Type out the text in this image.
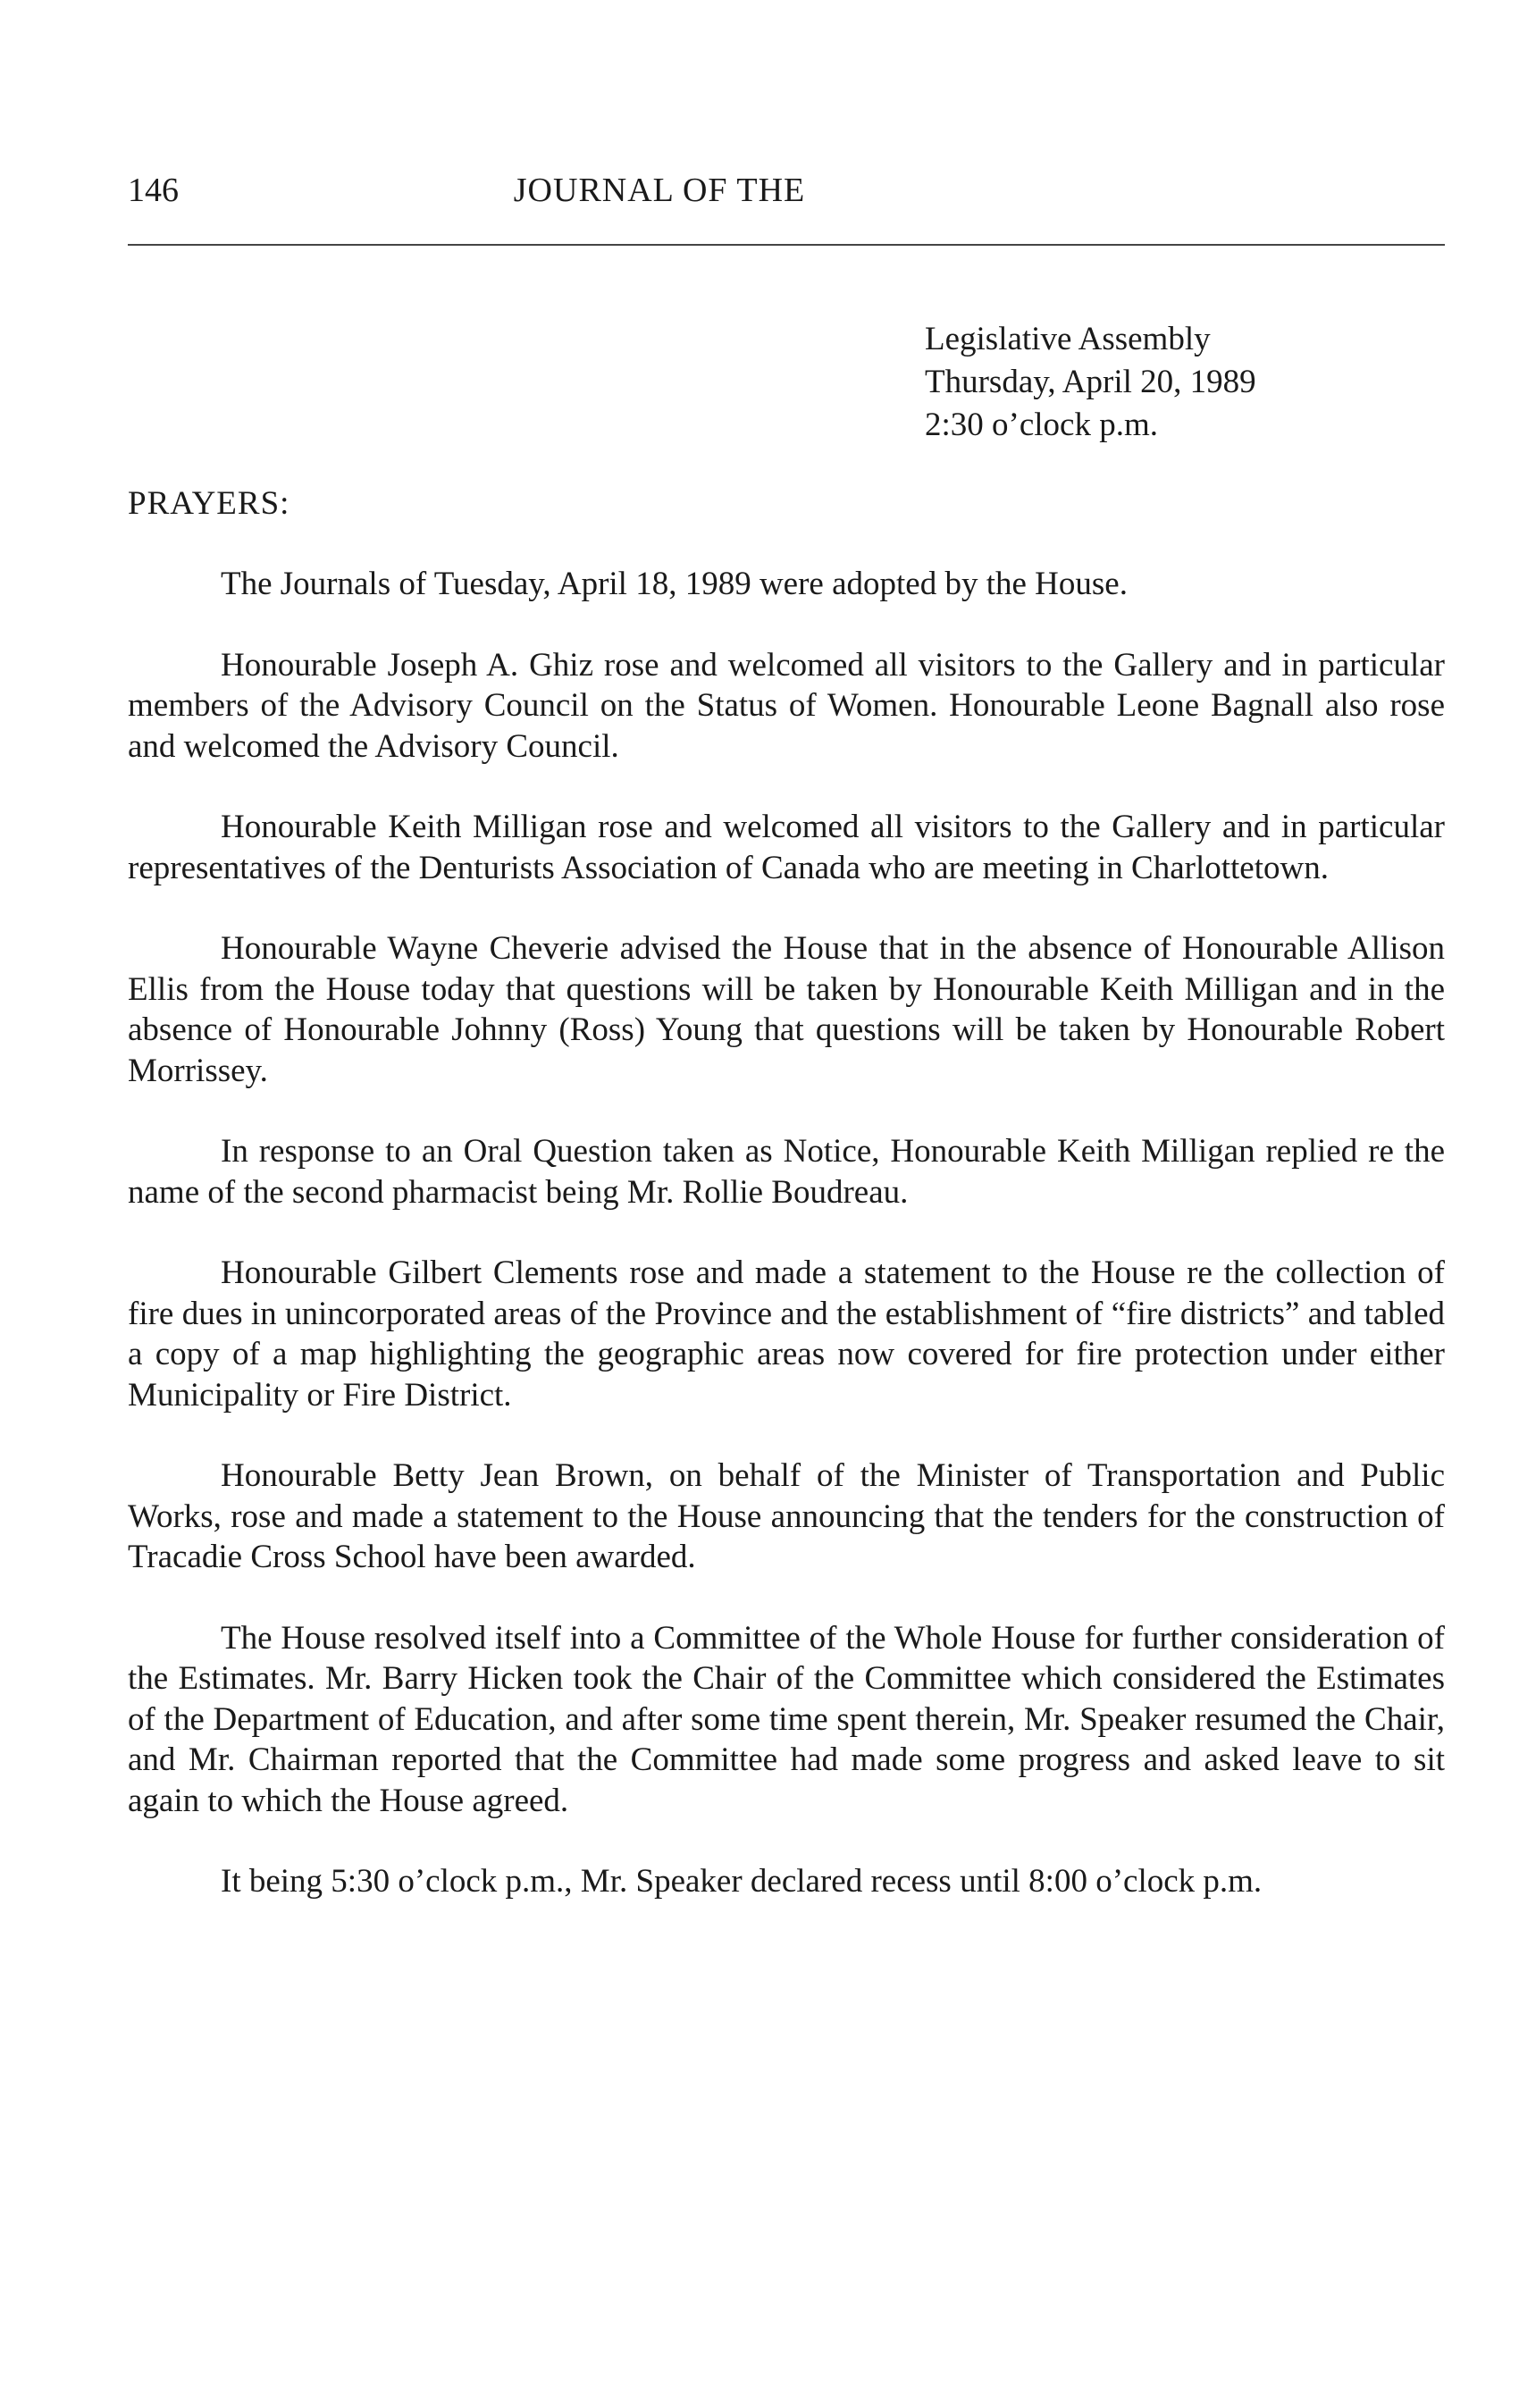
146	JOURNAL OF THE
Legislative Assembly
Thursday, April 20, 1989
2:30 o’clock p.m.
PRAYERS:

The Journals of Tuesday, April 18, 1989 were adopted by the House.

Honourable Joseph A. Ghiz rose and welcomed all visitors to the Gallery and in particular members of the Advisory Council on the Status of Women. Honourable Leone Bagnall also rose and welcomed the Advisory Council.

Honourable Keith Milligan rose and welcomed all visitors to the Gallery and in particular representatives of the Denturists Association of Canada who are meeting in Charlottetown.

Honourable Wayne Cheverie advised the House that in the absence of Honourable Allison Ellis from the House today that questions will be taken by Honourable Keith Milligan and in the absence of Honourable Johnny (Ross) Young that questions will be taken by Honourable Robert Morrissey.

In response to an Oral Question taken as Notice, Honourable Keith Milligan replied re the name of the second pharmacist being Mr. Rollie Boudreau.

Honourable Gilbert Clements rose and made a statement to the House re the collection of fire dues in unincorporated areas of the Province and the establishment of “fire districts” and tabled a copy of a map highlighting the geographic areas now covered for fire protection under either Municipality or Fire District.

Honourable Betty Jean Brown, on behalf of the Minister of Transportation and Public Works, rose and made a statement to the House announcing that the tenders for the construction of Tracadie Cross School have been awarded.

The House resolved itself into a Committee of the Whole House for further consideration of the Estimates. Mr. Barry Hicken took the Chair of the Committee which considered the Estimates of the Department of Education, and after some time spent therein, Mr. Speaker resumed the Chair, and Mr. Chairman reported that the Committee had made some progress and asked leave to sit again to which the House agreed.

It being 5:30 o’clock p.m., Mr. Speaker declared recess until 8:00 o’clock p.m.
